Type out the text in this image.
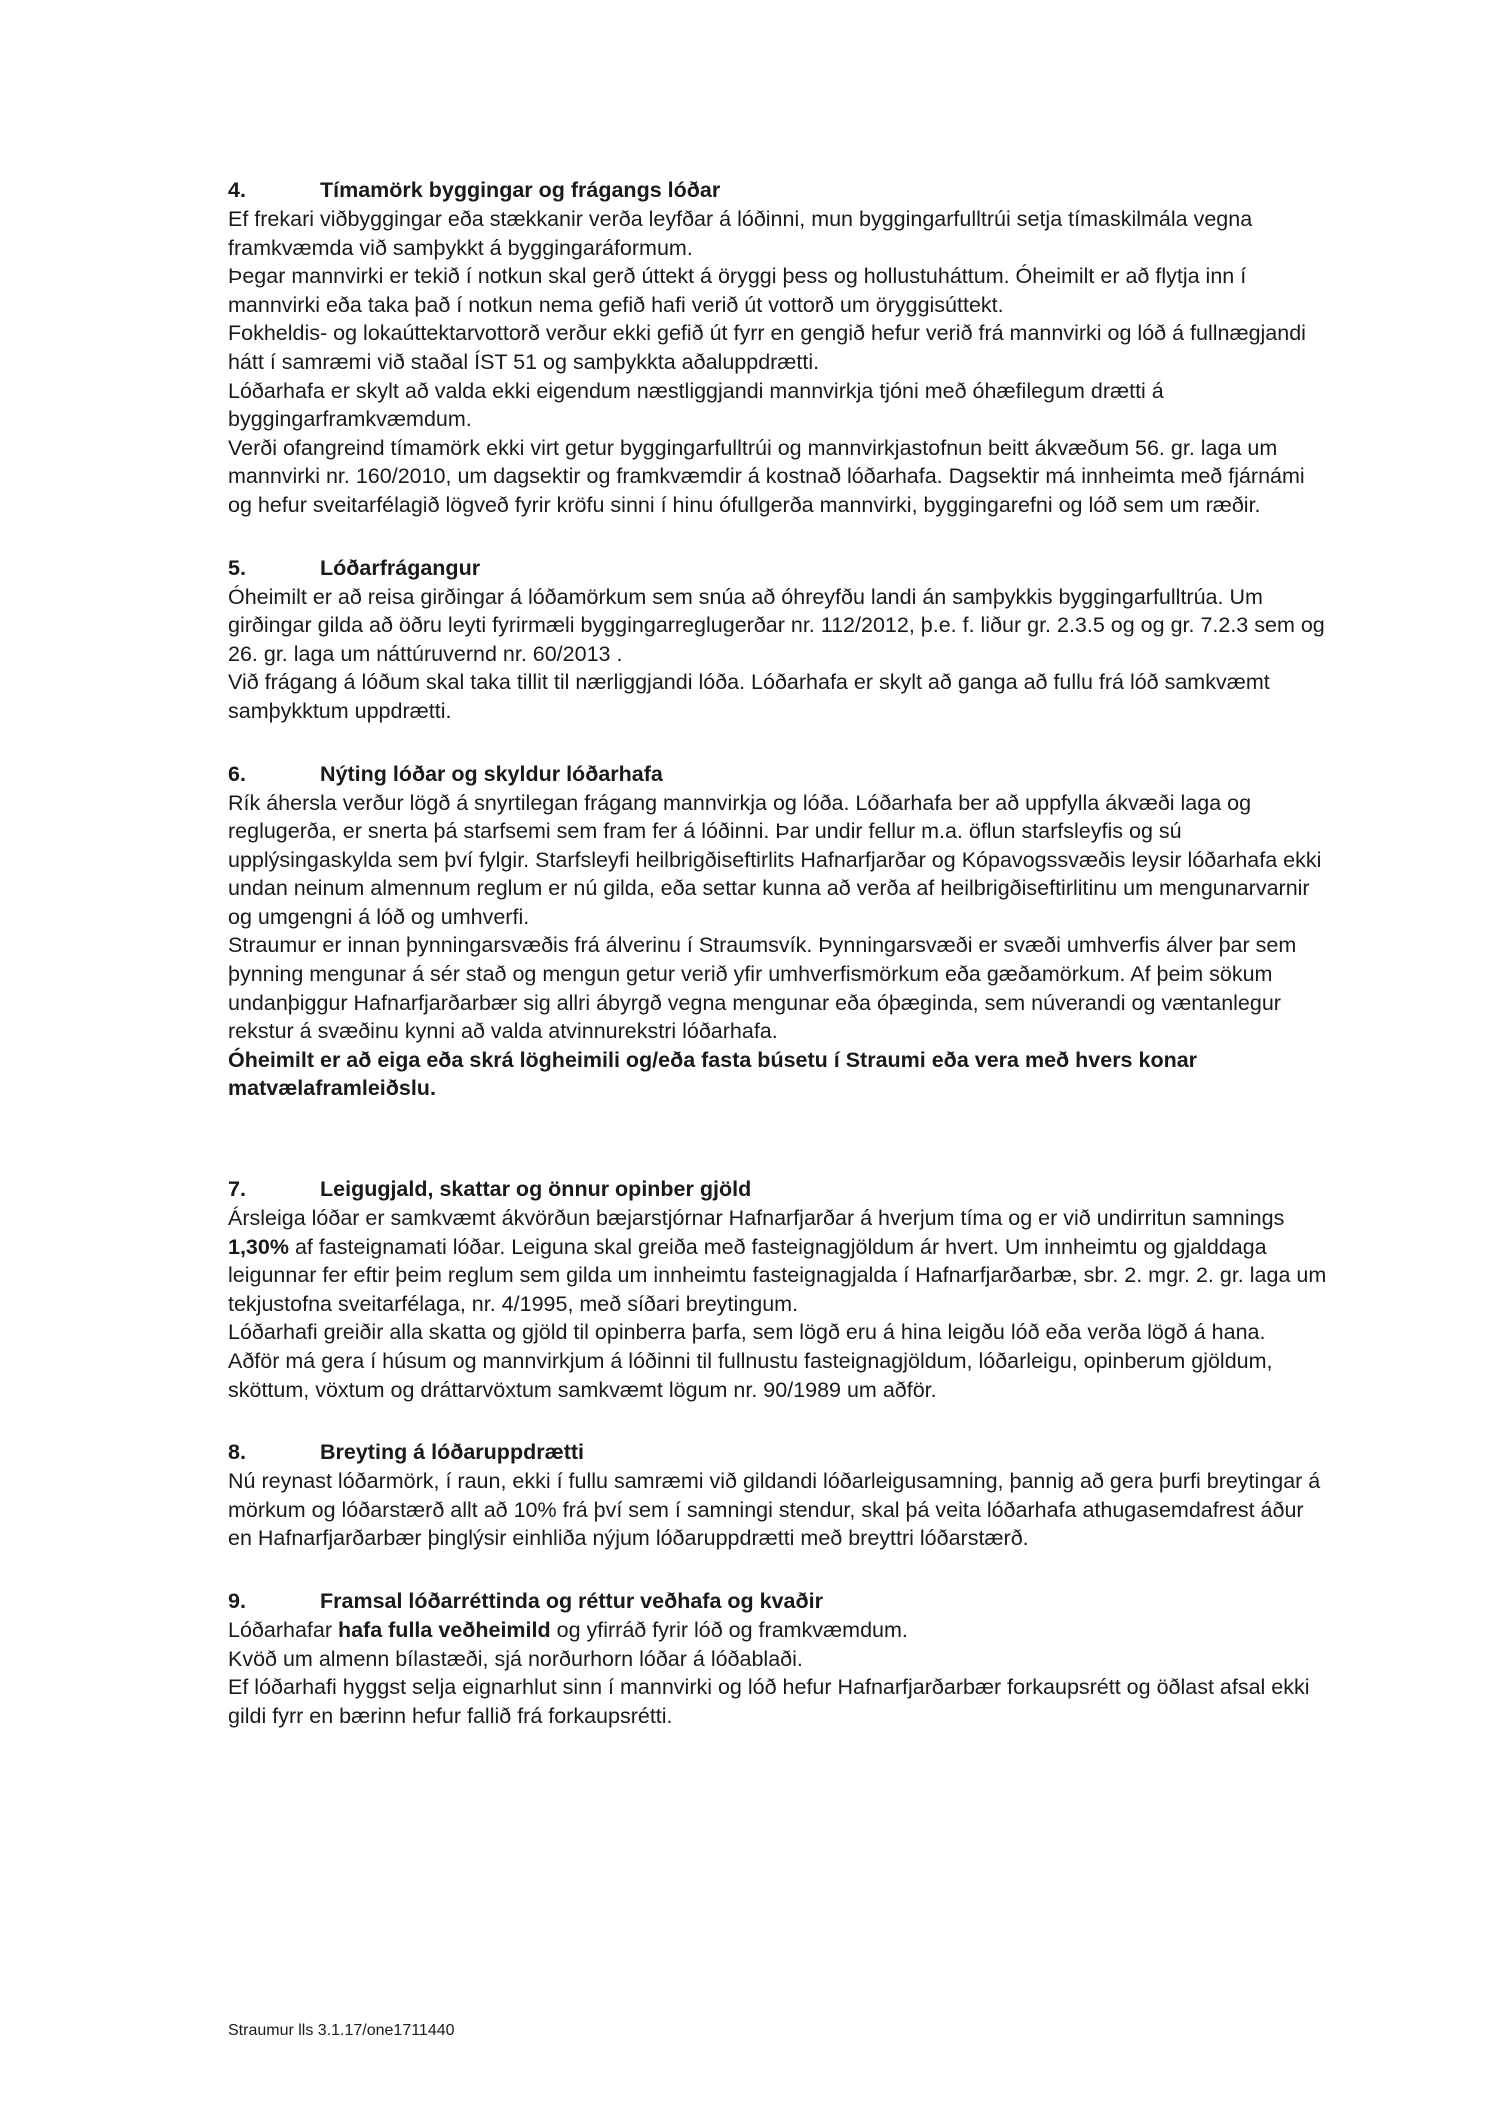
4.	Tímamörk byggingar og frágangs lóðar

Ef frekari viðbyggingar eða stækkanir verða leyfðar á lóðinni, mun byggingarfulltrúi setja tímaskilmála vegna framkvæmda við samþykkt á byggingaráformum.

Þegar mannvirki er tekið í notkun skal gerð úttekt á öryggi þess og hollustuháttum. Óheimilt er að flytja inn í mannvirki eða taka það í notkun nema gefið hafi verið út vottorð um öryggisúttekt.

Fokheldis- og lokaúttektarvottorð verður ekki gefið út fyrr en gengið hefur verið frá mannvirki og lóð á fullnægjandi hátt í samræmi við staðal ÍST 51 og samþykkta aðaluppdrætti.

Lóðarhafa er skylt að valda ekki eigendum næstliggjandi mannvirkja tjóni með óhæfilegum drætti á byggingarframkvæmdum.

Verði ofangreind tímamörk ekki virt getur byggingarfulltrúi og mannvirkjastofnun beitt ákvæðum 56. gr. laga um mannvirki nr. 160/2010, um dagsektir og framkvæmdir á kostnað lóðarhafa. Dagsektir má innheimta með fjárnámi og hefur sveitarfélagið lögveð fyrir kröfu sinni í hinu ófullgerða mannvirki, byggingarefni og lóð sem um ræðir.

5.	Lóðarfrágangur

Óheimilt er að reisa girðingar á lóðamörkum sem snúa að óhreyfðu landi án samþykkis byggingarfulltrúa. Um girðingar gilda að öðru leyti fyrirmæli byggingarreglugerðar nr. 112/2012, þ.e. f. liður gr. 2.3.5 og og gr. 7.2.3 sem og 26. gr. laga um náttúruvernd nr. 60/2013 .

Við frágang á lóðum skal taka tillit til nærliggjandi lóða. Lóðarhafa er skylt að ganga að fullu frá lóð samkvæmt samþykktum uppdrætti.

6.	Nýting lóðar og skyldur lóðarhafa

Rík áhersla verður lögð á snyrtilegan frágang mannvirkja og lóða. Lóðarhafa ber að uppfylla ákvæði laga og reglugerða, er snerta þá starfsemi sem fram fer á lóðinni. Þar undir fellur m.a. öflun starfsleyfis og sú upplýsingaskylda sem því fylgir. Starfsleyfi heilbrigðiseftirlits Hafnarfjarðar og Kópavogssvæðis leysir lóðarhafa ekki undan neinum almennum reglum er nú gilda, eða settar kunna að verða af heilbrigðiseftirlitinu um mengunarvarnir og umgengni á lóð og umhverfi.

Straumur er innan þynningarsvæðis frá álverinu í Straumsvík. Þynningarsvæði er svæði umhverfis álver þar sem þynning mengunar á sér stað og mengun getur verið yfir umhverfismörkum eða gæðamörkum. Af þeim sökum undanþiggur Hafnarfjarðarbær sig allri ábyrgð vegna mengunar eða óþæginda, sem núverandi og væntanlegur rekstur á svæðinu kynni að valda atvinnurekstri lóðarhafa.

Óheimilt er að eiga eða skrá lögheimili og/eða fasta búsetu í Straumi eða vera með hvers konar matvælaframleiðslu.

7.	Leigugjald, skattar og önnur opinber gjöld

Ársleiga lóðar er samkvæmt ákvörðun bæjarstjórnar Hafnarfjarðar á hverjum tíma og er við undirritun samnings 1,30% af fasteignamati lóðar. Leiguna skal greiða með fasteignagjöldum ár hvert. Um innheimtu og gjalddaga leigunnar fer eftir þeim reglum sem gilda um innheimtu fasteignagjalda í Hafnarfjarðarbæ, sbr. 2. mgr. 2. gr. laga um tekjustofna sveitarfélaga, nr. 4/1995, með síðari breytingum.

Lóðarhafi greiðir alla skatta og gjöld til opinberra þarfa, sem lögð eru á hina leigðu lóð eða verða lögð á hana.

Aðför má gera í húsum og mannvirkjum á lóðinni til fullnustu fasteignagjöldum, lóðarleigu, opinberum gjöldum, sköttum, vöxtum og dráttarvöxtum samkvæmt lögum nr. 90/1989 um aðför.

8.	Breyting á lóðaruppdrætti

Nú reynast lóðarmörk, í raun, ekki í fullu samræmi við gildandi lóðarleigusamning, þannig að gera þurfi breytingar á mörkum og lóðarstærð allt að 10% frá því sem í samningi stendur, skal þá veita lóðarhafa athugasemdafrest áður en Hafnarfjarðarbær þinglýsir einhliða nýjum lóðaruppdrætti með breyttri lóðarstærð.

9.	Framsal lóðarréttinda og réttur veðhafa og kvaðir

Lóðarhafar hafa fulla veðheimild og yfirráð fyrir lóð og framkvæmdum.

Kvöð um almenn bílastæði, sjá norðurhorn lóðar á lóðablaði.

Ef lóðarhafi hyggst selja eignarhlut sinn í mannvirki og lóð hefur Hafnarfjarðarbær forkaupsrétt og öðlast afsal ekki gildi fyrr en bærinn hefur fallið frá forkaupsrétti.

Straumur lls 3.1.17/one1711440
